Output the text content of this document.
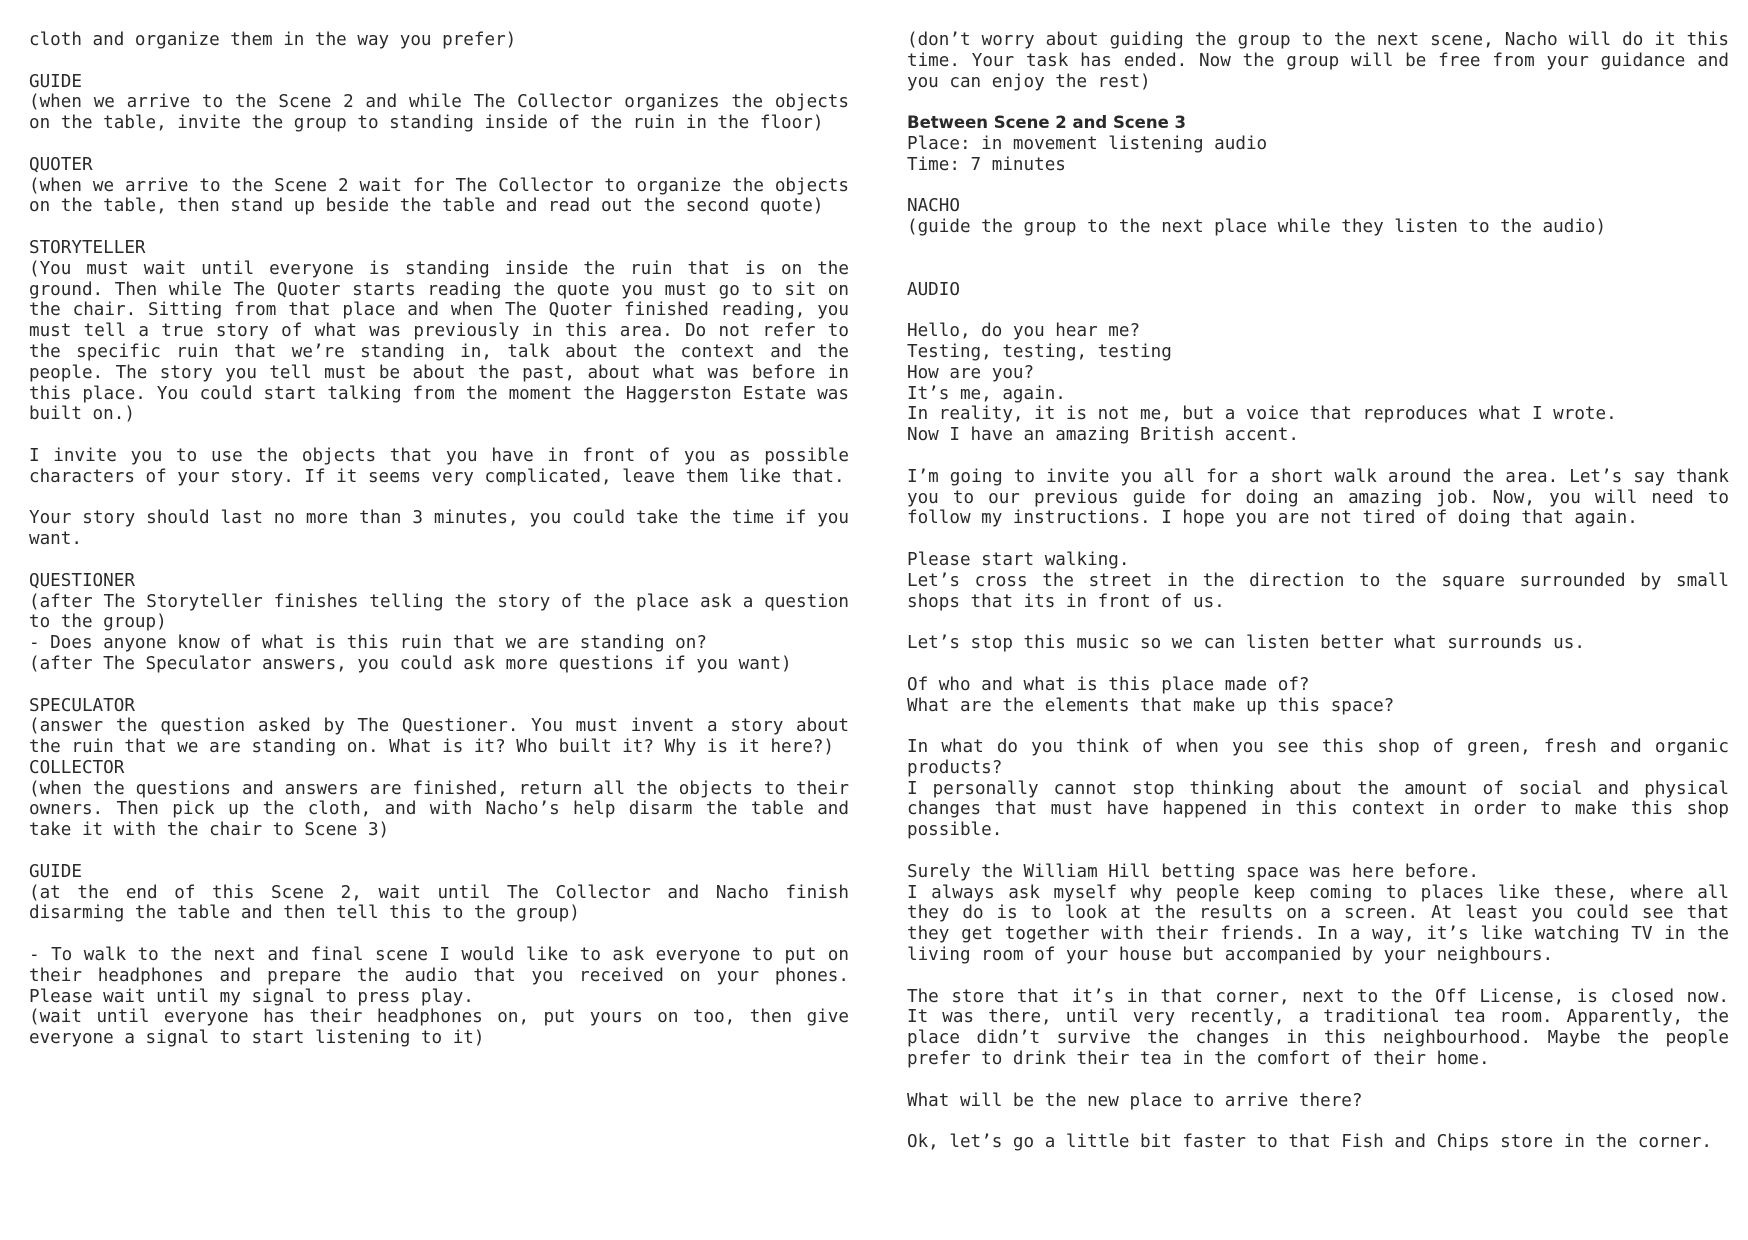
cloth and organize them in the way you prefer)

GUIDE

(when we arrive to the Scene 2 and while The Collector organizes the objects on the table, invite the group to standing inside of the ruin in the floor)

QUOTER

(when we arrive to the Scene 2 wait for The Collector to organize the objects on the table, then stand up beside the table and read out the second quote)

STORYTELLER

(You must wait until everyone is standing inside the ruin that is on the ground. Then while The Quoter starts reading the quote you must go to sit on the chair. Sitting from that place and when The Quoter finished reading, you must tell a true story of what was previously in this area. Do not refer to the specific ruin that we’re standing in, talk about the context and the people. The story you tell must be about the past, about what was before in this place. You could start talking from the moment the Haggerston Estate was built on.)

I invite you to use the objects that you have in front of you as possible characters of your story. If it seems very complicated, leave them like that.

Your story should last no more than 3 minutes, you could take the time if you want.

QUESTIONER

(after The Storyteller finishes telling the story of the place ask a question to the group)

- Does anyone know of what is this ruin that we are standing on?

(after The Speculator answers, you could ask more questions if you want)

SPECULATOR

(answer the question asked by The Questioner. You must invent a story about the ruin that we are standing on. What is it? Who built it? Why is it here?)

COLLECTOR

(when the questions and answers are finished, return all the objects to their owners. Then pick up the cloth, and with Nacho’s help disarm the table and take it with the chair to Scene 3)

GUIDE

(at the end of this Scene 2, wait until The Collector and Nacho finish disarming the table and then tell this to the group)

- To walk to the next and final scene I would like to ask everyone to put on their headphones and prepare the audio that you received on your phones. Please wait until my signal to press play.

(wait until everyone has their headphones on, put yours on too, then give everyone a signal to start listening to it)

(don’t worry about guiding the group to the next scene, Nacho will do it this time. Your task has ended. Now the group will be free from your guidance and you can enjoy the rest)

Between Scene 2 and Scene 3

Place: in movement listening audio

Time: 7 minutes

NACHO

(guide the group to the next place while they listen to the audio)

AUDIO

Hello, do you hear me?

Testing, testing, testing

How are you?

It’s me, again.

In reality, it is not me, but a voice that reproduces what I wrote.

Now I have an amazing British accent.

I’m going to invite you all for a short walk around the area. Let’s say thank you to our previous guide for doing an amazing job. Now, you will need to follow my instructions. I hope you are not tired of doing that again.

Please start walking.

Let’s cross the street in the direction to the square surrounded by small shops that its in front of us.

Let’s stop this music so we can listen better what surrounds us.

Of who and what is this place made of?

What are the elements that make up this space?

In what do you think of when you see this shop of green, fresh and organic products?

I personally cannot stop thinking about the amount of social and physical changes that must have happened in this context in order to make this shop possible.

Surely the William Hill betting space was here before.

I always ask myself why people keep coming to places like these, where all they do is to look at the results on a screen. At least you could see that they get together with their friends. In a way, it’s like watching TV in the living room of your house but accompanied by your neighbours.

The store that it’s in that corner, next to the Off License, is closed now. It was there, until very recently, a traditional tea room. Apparently, the place didn’t survive the changes in this neighbourhood. Maybe the people prefer to drink their tea in the comfort of their home.

What will be the new place to arrive there?

Ok, let’s go a little bit faster to that Fish and Chips store in the corner.
